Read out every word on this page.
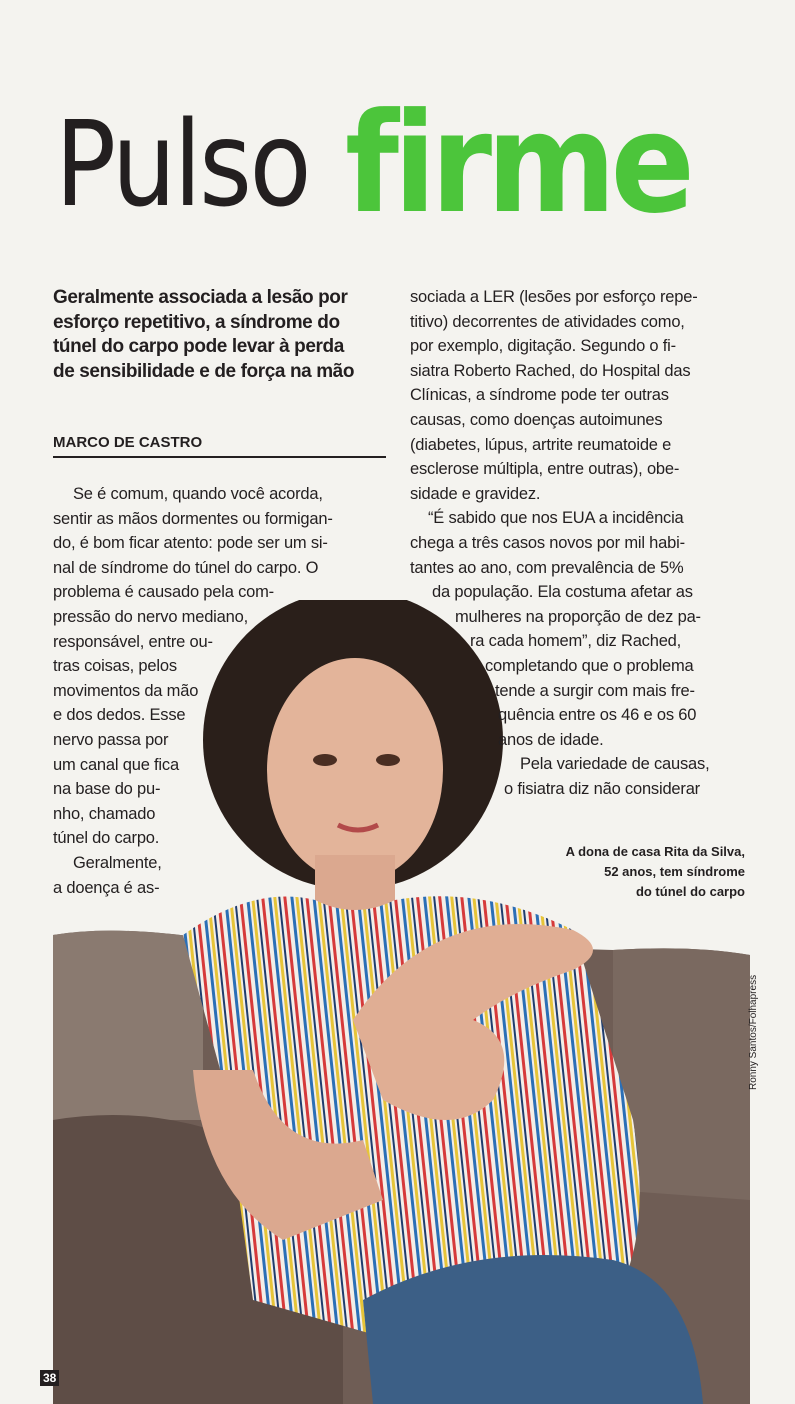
Pulso firme
Geralmente associada a lesão por
esforço repetitivo, a síndrome do
túnel do carpo pode levar à perda
de sensibilidade e de força na mão
MARCO DE CASTRO
Se é comum, quando você acorda,
sentir as mãos dormentes ou formigan-
do, é bom ficar atento: pode ser um si-
nal de síndrome do túnel do carpo. O
problema é causado pela com-
pressão do nervo mediano,
responsável, entre ou-
tras coisas, pelos
movimentos da mão
e dos dedos. Esse
nervo passa por
um canal que fica
na base do pu-
nho, chamado
túnel do carpo.
Geralmente,
a doença é as-
sociada a LER (lesões por esforço repe-
titivo) decorrentes de atividades como,
por exemplo, digitação. Segundo o fi-
siatra Roberto Rached, do Hospital das
Clínicas, a síndrome pode ter outras
causas, como doenças autoimunes
(diabetes, lúpus, artrite reumatoide e
esclerose múltipla, entre outras), obe-
sidade e gravidez.
“É sabido que nos EUA a incidência
chega a três casos novos por mil habi-
tantes ao ano, com prevalência de 5%
da população. Ela costuma afetar as
mulheres na proporção de dez pa-
ra cada homem”, diz Rached,
completando que o problema
tende a surgir com mais fre-
quência entre os 46 e os 60
anos de idade.
Pela variedade de causas,
o fisiatra diz não considerar
A dona de casa Rita da Silva,
52 anos, tem síndrome
do túnel do carpo
Ronny Santos/Folhapress
38
